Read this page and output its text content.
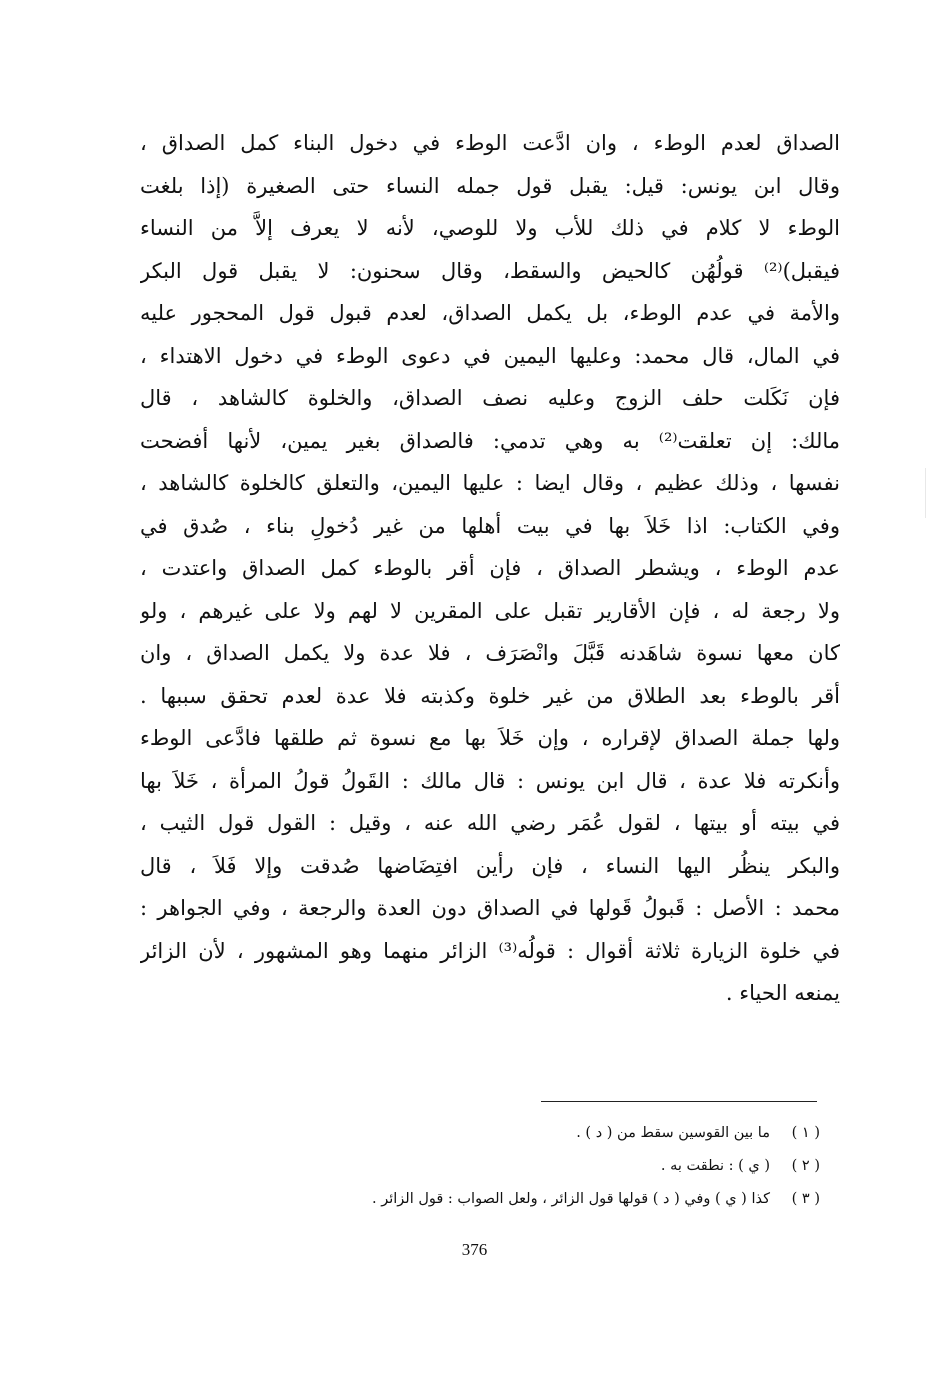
الصداق لعدم الوطء ، وان ادَّعت الوطء في دخول البناء كمل الصداق ،
وقال ابن يونس: قيل: يقبل قول جمله النساء حتى الصغيرة (إذا بلغت
الوطء لا كلام في ذلك للأب ولا للوصي، لأنه لا يعرف إلاَّ من النساء
فيقبل)⁽²⁾ قولُهُن كالحيض والسقط، وقال سحنون: لا يقبل قول البكر
والأمة في عدم الوطء، بل يكمل الصداق، لعدم قبول قول المحجور عليه
في المال، قال محمد: وعليها اليمين في دعوى الوطء في دخول الاهتداء ،
فإن نَكَلت حلف الزوج وعليه نصف الصداق، والخلوة كالشاهد ، قال
مالك: إن تعلقت⁽²⁾ به وهي تدمي: فالصداق بغير يمين، لأنها أفضحت
نفسها ، وذلك عظيم ، وقال ايضا : عليها اليمين، والتعلق كالخلوة كالشاهد ،
وفي الكتاب: اذا خَلاَ بها في بيت أهلها من غير دُخولِ بناء ، صُدق في
عدم الوطء ، ويشطر الصداق ، فإن أقر بالوطء كمل الصداق واعتدت ،
ولا رجعة له ، فإن الأقارير تقبل على المقرين لا لهم ولا على غيرهم ، ولو
كان معها نسوة شاهَدنه قَبَّلَ وانْصَرَف ، فلا عدة ولا يكمل الصداق ، وان
أقر بالوطء بعد الطلاق من غير خلوة وكذبته فلا عدة لعدم تحقق سببها .
ولها جملة الصداق لإقراره ، وإن خَلاَ بها مع نسوة ثم طلقها فادَّعى الوطء
وأنكرته فلا عدة ، قال ابن يونس : قال مالك : القَولُ قولُ المرأة ، خَلاَ بها
في بيته أو بيتها ، لقول عُمَر رضي الله عنه ، وقيل : القول قول الثيب ،
والبكر ينظُر اليها النساء ، فإن رأين افتِضَاضها صُدقت وإلا فَلاَ ، قال
محمد : الأصل : قَبولُ قَولها في الصداق دون العدة والرجعة ، وفي الجواهر :
في خلوة الزيارة ثلاثة أقوال : قولُه⁽³⁾ الزائر منهما وهو المشهور ، لأن الزائر
يمنعه الحياء .
( ١ )ما بين القوسين سقط من ( د ) .
( ٢ )( ي ) : نطقت به .
( ٣ )كذا ( ي ) وفي ( د ) قولها قول الزائر ، ولعل الصواب : قول الزائر .
376
